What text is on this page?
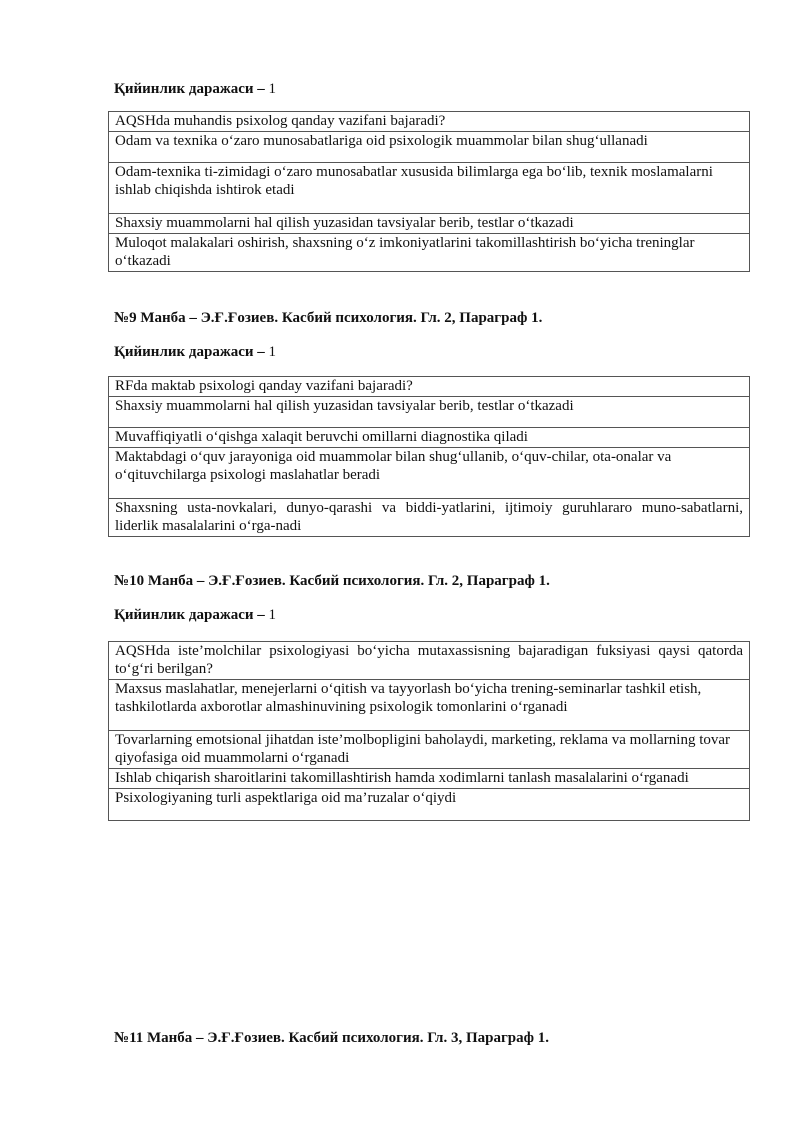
Қийинлик даражаси – 1
AQSHda muhandis psixolog qanday vazifani bajaradi?
Odam va texnika o‘zaro munosabatlariga oid psixologik muammolar bilan shug‘ullanadi
Odam-texnika ti-zimidagi o‘zaro munosabatlar xususida bilimlarga ega bo‘lib, texnik moslamalarni ishlab chiqishda ishtirok etadi
Shaxsiy muammolarni hal qilish yuzasidan tavsiyalar berib, testlar o‘tkazadi
Muloqot malakalari oshirish, shaxsning o‘z imkoniyatlarini takomillashtirish bo‘yicha treninglar o‘tkazadi
№9 Манба – Э.Ғ.Ғозиев. Касбий психология. Гл. 2, Параграф 1.
Қийинлик даражаси – 1
RFda maktab psixologi qanday vazifani bajaradi?
Shaxsiy muammolarni hal qilish yuzasidan tavsiyalar berib, testlar o‘tkazadi
Muvaffiqiyatli o‘qishga xalaqit beruvchi omillarni diagnostika qiladi
Maktabdagi o‘quv jarayoniga oid muammolar bilan shug‘ullanib, o‘quv-chilar, ota-onalar va o‘qituvchilarga psixologi maslahatlar beradi
Shaxsning usta-novkalari, dunyo-qarashi va biddi-yatlarini, ijtimoiy guruhlararo muno-sabatlarni, liderlik masalalarini o‘rga-nadi
№10 Манба – Э.Ғ.Ғозиев. Касбий психология. Гл. 2, Параграф 1.
Қийинлик даражаси – 1
AQSHda iste’molchilar psixologiyasi bo‘yicha mutaxassisning bajaradigan fuksiyasi qaysi qatorda to‘g‘ri berilgan?
Maxsus maslahatlar, menejerlarni o‘qitish va tayyorlash bo‘yicha trening-seminarlar tashkil etish, tashkilotlarda axborotlar almashinuvining psixologik tomonlarini o‘rganadi
Tovarlarning emotsional jihatdan iste’molbopligini baholaydi, marketing, reklama va mollarning tovar qiyofasiga oid muammolarni o‘rganadi
Ishlab chiqarish sharoitlarini takomillashtirish hamda xodimlarni tanlash masalalarini o‘rganadi
Psixologiyaning turli aspektlariga oid ma’ruzalar o‘qiydi
№11 Манба – Э.Ғ.Ғозиев. Касбий психология. Гл. 3, Параграф 1.
